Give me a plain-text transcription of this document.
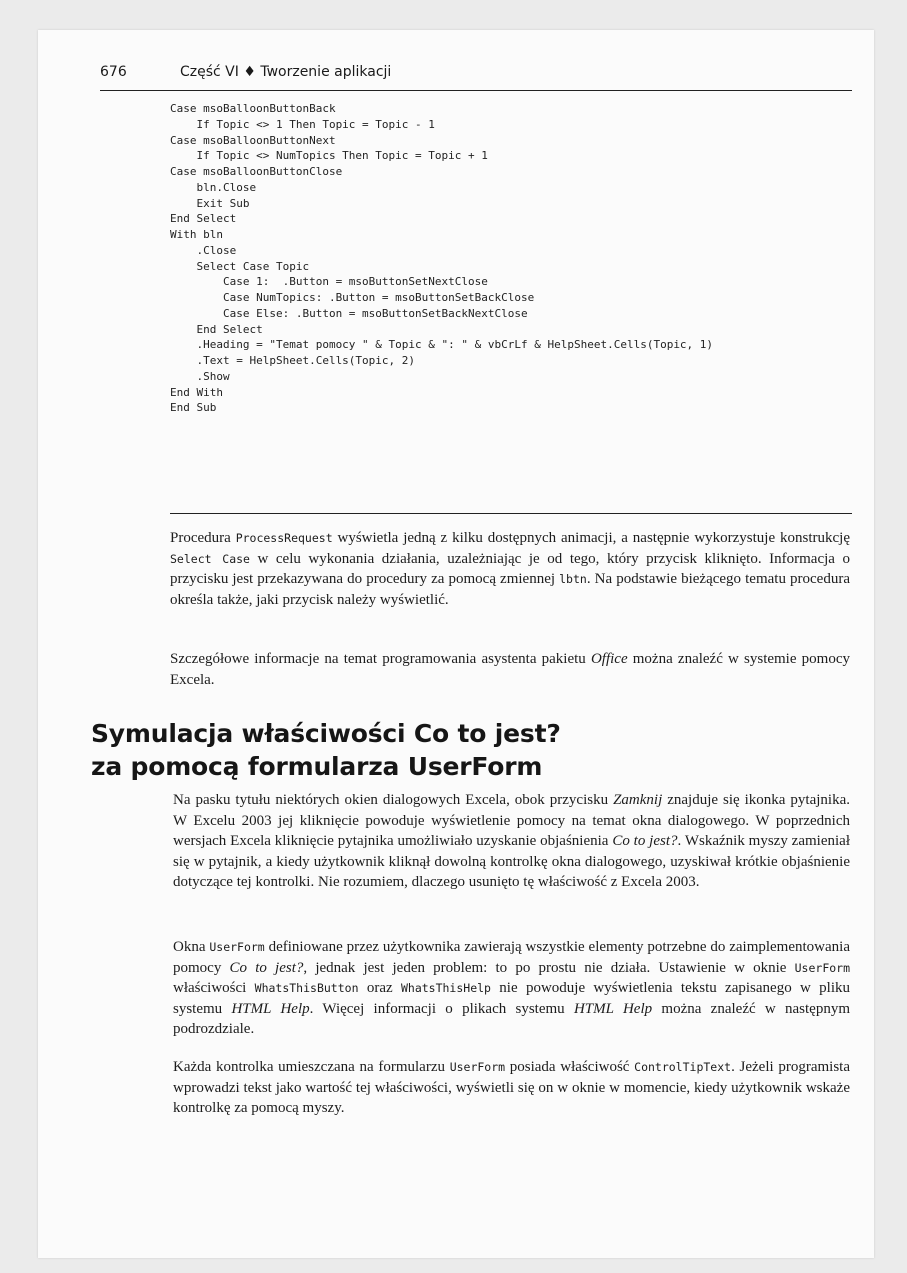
676	Część VI ♦ Tworzenie aplikacji
Case msoBalloonButtonBack
If Topic <> 1 Then Topic = Topic - 1
Case msoBalloonButtonNext
If Topic <> NumTopics Then Topic = Topic + 1
Case msoBalloonButtonClose
bln.Close
Exit Sub
End Select
With bln
.Close
Select Case Topic
Case 1:  .Button = msoButtonSetNextClose
Case NumTopics: .Button = msoButtonSetBackClose
Case Else: .Button = msoButtonSetBackNextClose
End Select
.Heading = "Temat pomocy " & Topic & ": " & vbCrLf & HelpSheet.Cells(Topic, 1)
.Text = HelpSheet.Cells(Topic, 2)
.Show
End With
End Sub

Procedura ProcessRequest wyświetla jedną z kilku dostępnych animacji, a następnie wykorzystuje konstrukcję Select Case w celu wykonania działania, uzależniając je od tego, który przycisk kliknięto. Informacja o przycisku jest przekazywana do procedury za pomocą zmiennej lbtn. Na podstawie bieżącego tematu procedura określa także, jaki przycisk należy wyświetlić.

Szczegółowe informacje na temat programowania asystenta pakietu Office można znaleźć w systemie pomocy Excela.

Symulacja właściwości Co to jest?
za pomocą formularza UserForm

Na pasku tytułu niektórych okien dialogowych Excela, obok przycisku Zamknij znajduje się ikonka pytajnika. W Excelu 2003 jej kliknięcie powoduje wyświetlenie pomocy na temat okna dialogowego. W poprzednich wersjach Excela kliknięcie pytajnika umożliwiało uzyskanie objaśnienia Co to jest?. Wskaźnik myszy zamieniał się w pytajnik, a kiedy użytkownik kliknął dowolną kontrolkę okna dialogowego, uzyskiwał krótkie objaśnienie dotyczące tej kontrolki. Nie rozumiem, dlaczego usunięto tę właściwość z Excela 2003.

Okna UserForm definiowane przez użytkownika zawierają wszystkie elementy potrzebne do zaimplementowania pomocy Co to jest?, jednak jest jeden problem: to po prostu nie działa. Ustawienie w oknie UserForm właściwości WhatsThisButton oraz WhatsThisHelp nie powoduje wyświetlenia tekstu zapisanego w pliku systemu HTML Help. Więcej informacji o plikach systemu HTML Help można znaleźć w następnym podrozdziale.

Każda kontrolka umieszczana na formularzu UserForm posiada właściwość ControlTipText. Jeżeli programista wprowadzi tekst jako wartość tej właściwości, wyświetli się on w oknie w momencie, kiedy użytkownik wskaże kontrolkę za pomocą myszy.
